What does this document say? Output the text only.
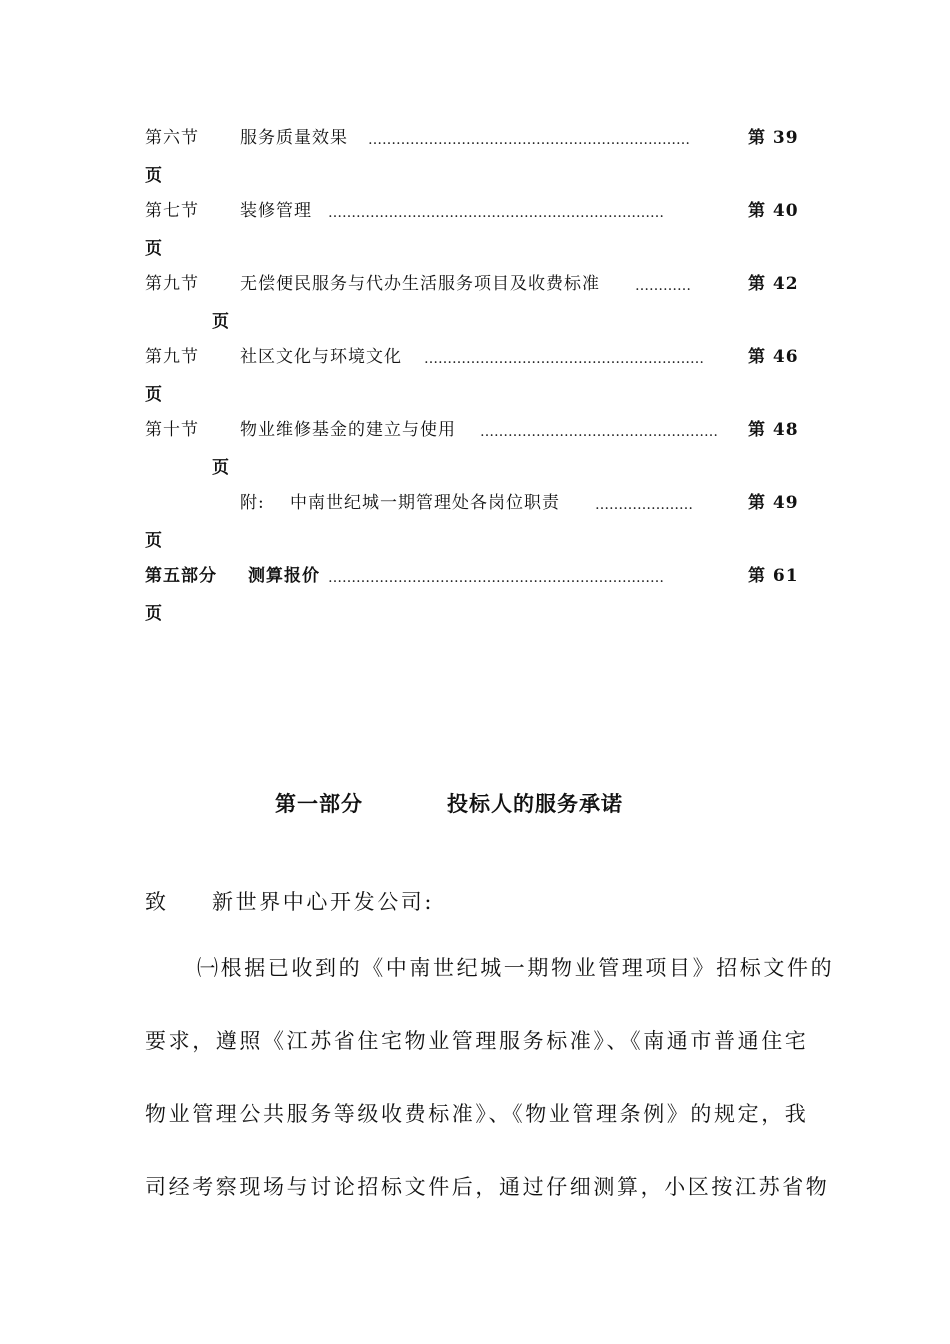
第六节 服务质量效果 ……………………………………………………………	第 39
页
第七节 装修管理 ………………………………………………………………	第 40
页
第九节 无偿便民服务与代办生活服务项目及收费标准	…………	第 42
页
第九节 社区文化与环境文化 ……………………………………………………	第 46
页
第十节 物业维修基金的建立与使用 …………………………………………… 第 48
页
附: 中南世纪城一期管理处各岗位职责	…………………	第 49
页
第五部分 测算报价 ………………………………………………………………	第 61
页
第一部分	投标人的服务承诺
致 新世界中心开发公司:
㈠根据已收到的《中南世纪城一期物业管理项目》招标文件的
要求，遵照《江苏省住宅物业管理服务标准》、《南通市普通住宅
物业管理公共服务等级收费标准》、《物业管理条例》的规定，我
司经考察现场与讨论招标文件后，通过仔细测算，小区按江苏省物
